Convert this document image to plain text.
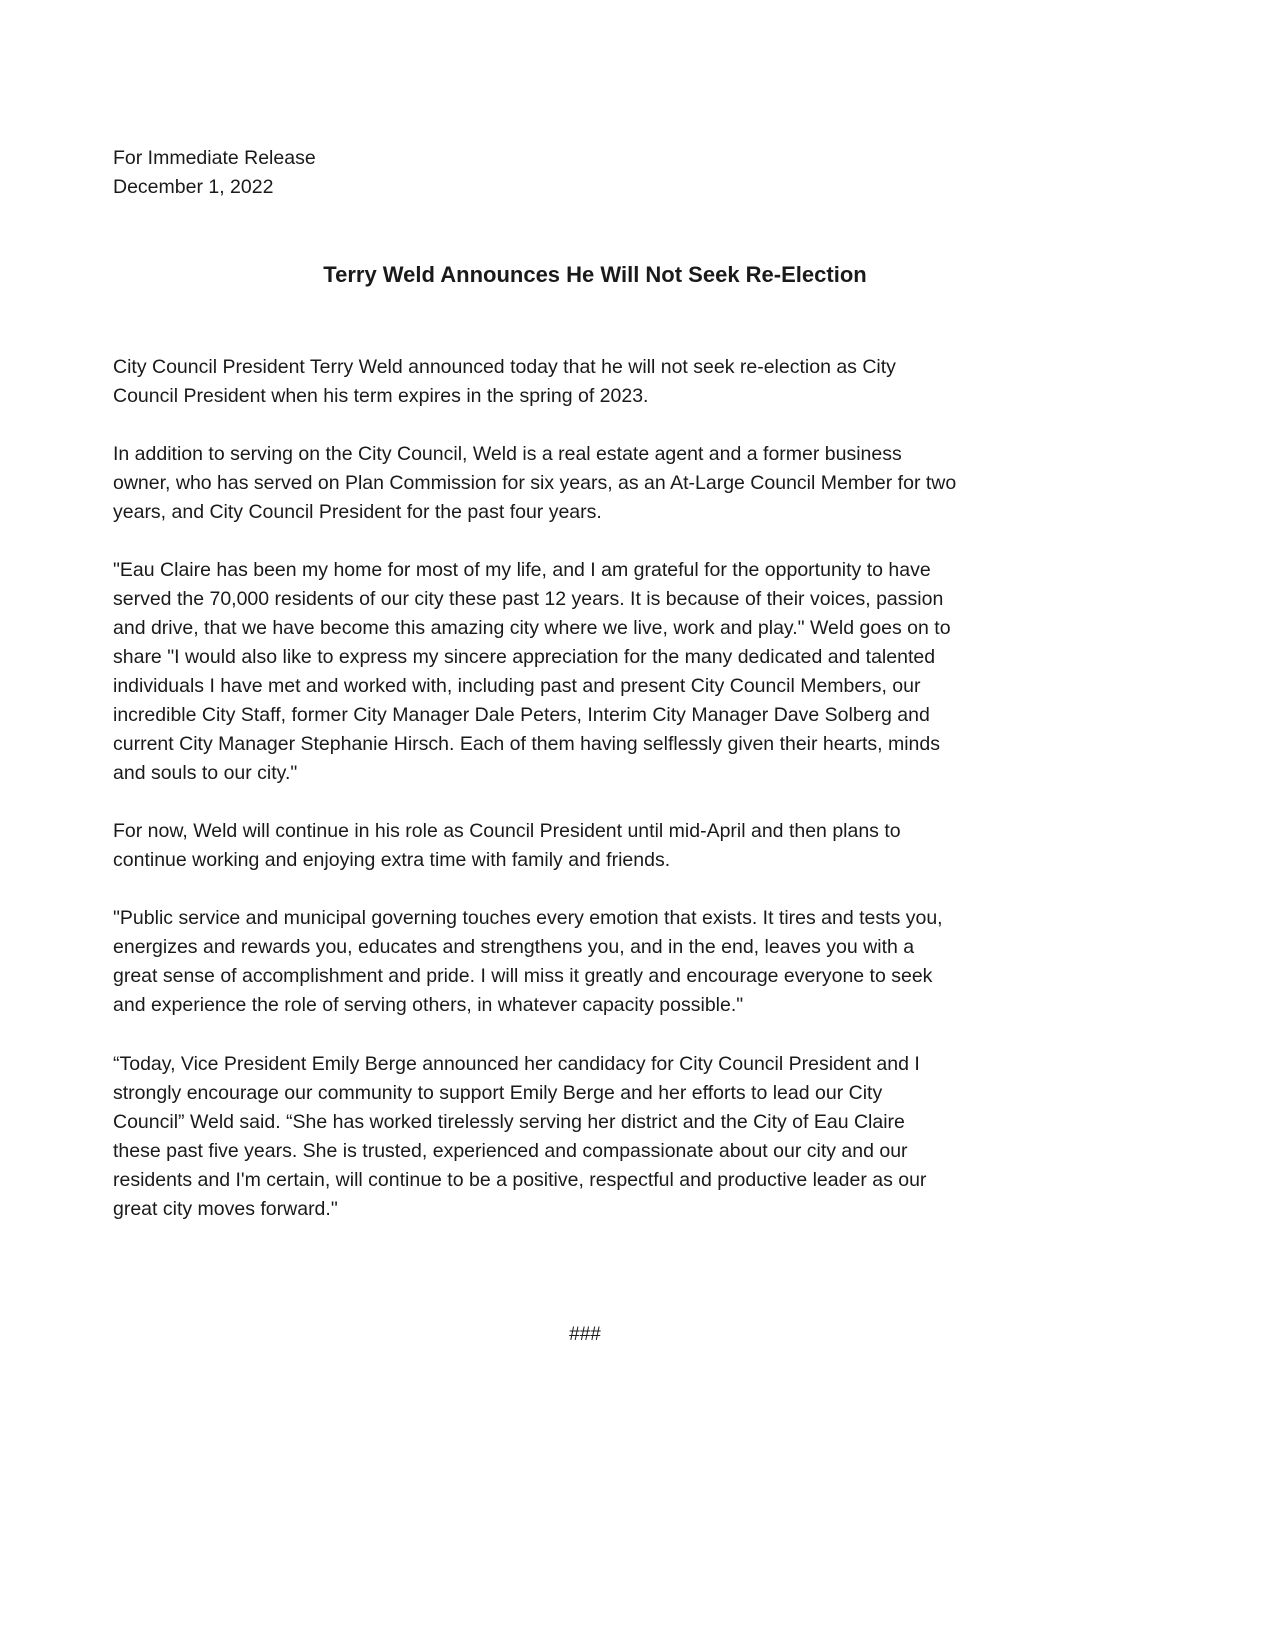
For Immediate Release
December 1, 2022
Terry Weld Announces He Will Not Seek Re-Election
City Council President Terry Weld announced today that he will not seek re-election as City
Council President when his term expires in the spring of 2023.
In addition to serving on the City Council, Weld is a real estate agent and a former business
owner, who has served on Plan Commission for six years, as an At-Large Council Member for two
years, and City Council President for the past four years.
"Eau Claire has been my home for most of my life, and I am grateful for the opportunity to have
served the 70,000 residents of our city these past 12 years. It is because of their voices, passion
and drive, that we have become this amazing city where we live, work and play." Weld goes on to
share "I would also like to express my sincere appreciation for the many dedicated and talented
individuals I have met and worked with, including past and present City Council Members, our
incredible City Staff, former City Manager Dale Peters, Interim City Manager Dave Solberg and
current City Manager Stephanie Hirsch. Each of them having selflessly given their hearts, minds
and souls to our city."
For now, Weld will continue in his role as Council President until mid-April and then plans to
continue working and enjoying extra time with family and friends.
"Public service and municipal governing touches every emotion that exists. It tires and tests you,
energizes and rewards you, educates and strengthens you, and in the end, leaves you with a
great sense of accomplishment and pride. I will miss it greatly and encourage everyone to seek
and experience the role of serving others, in whatever capacity possible."
“Today, Vice President Emily Berge announced her candidacy for City Council President and I
strongly encourage our community to support Emily Berge and her efforts to lead our City
Council” Weld said. “She has worked tirelessly serving her district and the City of Eau Claire
these past five years. She is trusted, experienced and compassionate about our city and our
residents and I'm certain, will continue to be a positive, respectful and productive leader as our
great city moves forward."
###
